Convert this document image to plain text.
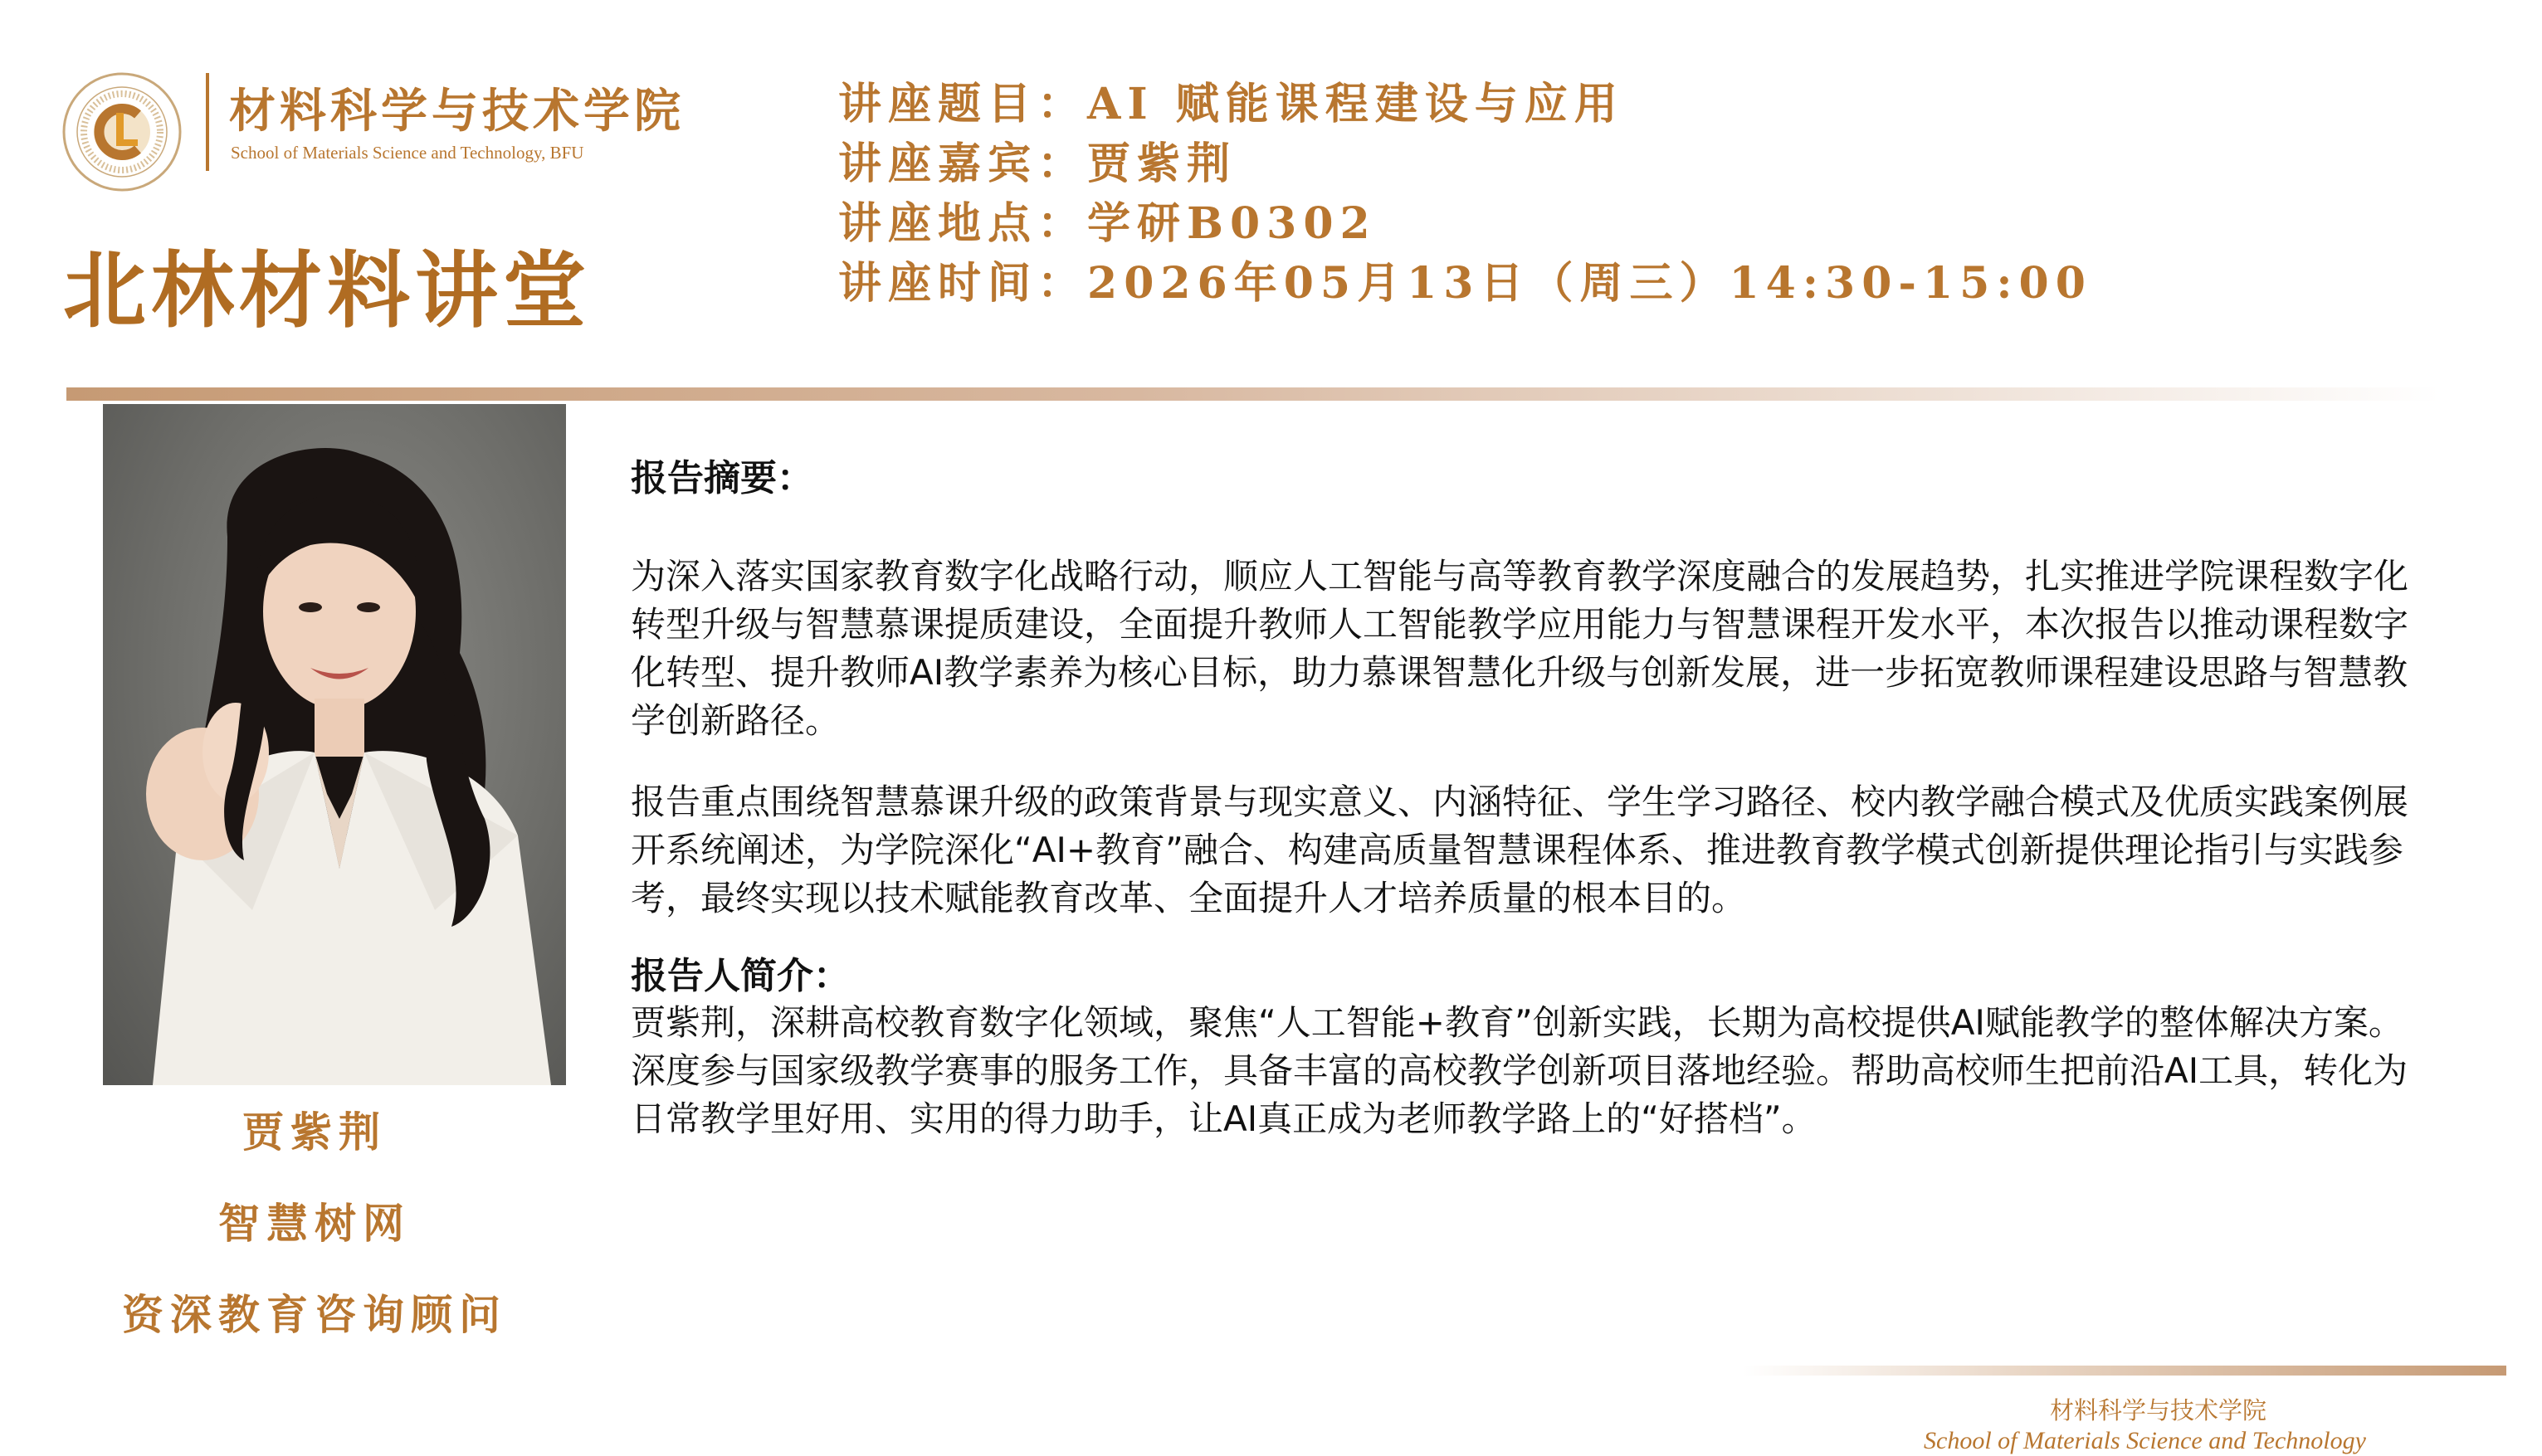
材料科学与技术学院
School of Materials Science and Technology, BFU
北林材料讲堂
讲座题目： AI 赋能课程建设与应用
讲座嘉宾： 贾紫荆
讲座地点： 学研B0302
讲座时间： 2026年05月13日（周三）14:30-15:00
贾紫荆
智慧树网
资深教育咨询顾问
报告摘要：

为深入落实国家教育数字化战略行动，顺应人工智能与高等教育教学深度融合的发展趋势，扎实推进学院课程数字化转型升级与智慧慕课提质建设，全面提升教师人工智能教学应用能力与智慧课程开发水平，本次报告以推动课程数字化转型、提升教师AI教学素养为核心目标，助力慕课智慧化升级与创新发展，进一步拓宽教师课程建设思路与智慧教学创新路径。

报告重点围绕智慧慕课升级的政策背景与现实意义、内涵特征、学生学习路径、校内教学融合模式及优质实践案例展开系统阐述，为学院深化“AI+教育”融合、构建高质量智慧课程体系、推进教育教学模式创新提供理论指引与实践参考，最终实现以技术赋能教育改革、全面提升人才培养质量的根本目的。

报告人简介：

贾紫荆，深耕高校教育数字化领域，聚焦“人工智能+教育”创新实践，长期为高校提供AI赋能教学的整体解决方案。

深度参与国家级教学赛事的服务工作，具备丰富的高校教学创新项目落地经验。帮助高校师生把前沿AI工具，转化为日常教学里好用、实用的得力助手，让AI真正成为老师教学路上的“好搭档”。

材料科学与技术学院
School of Materials Science and Technology
